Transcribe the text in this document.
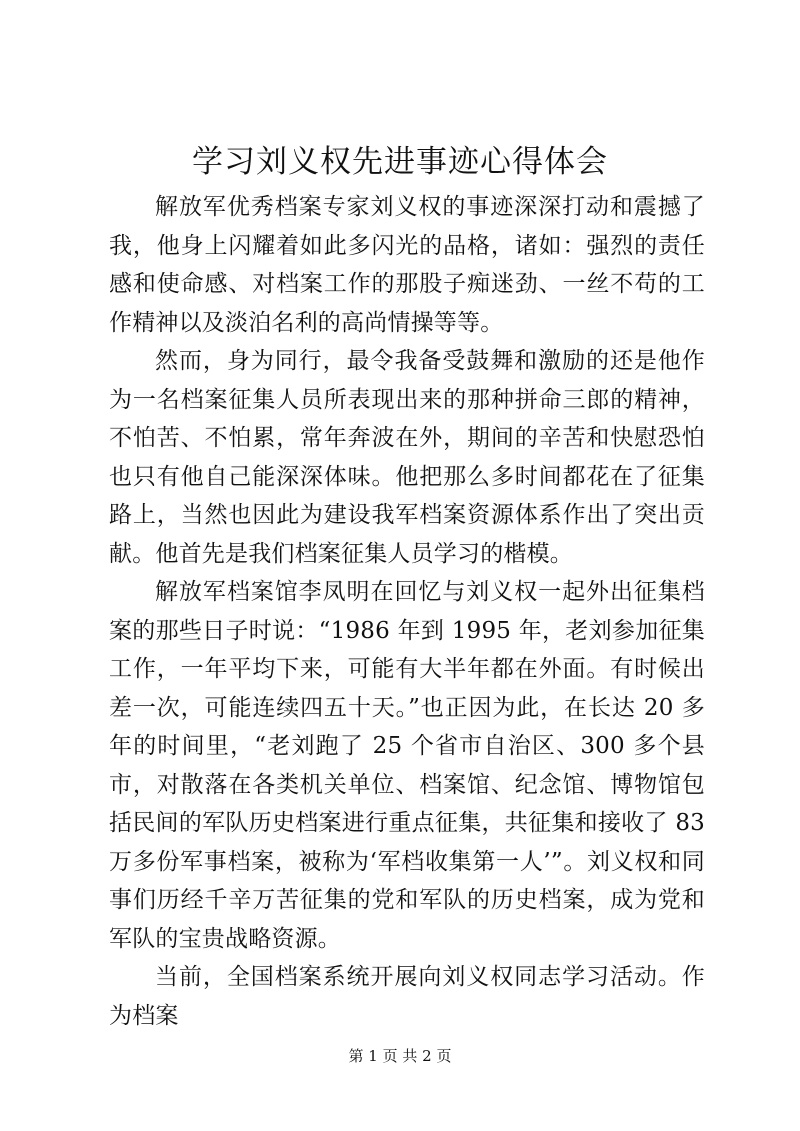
学习刘义权先进事迹心得体会

解放军优秀档案专家刘义权的事迹深深打动和震撼了我，他身上闪耀着如此多闪光的品格，诸如：强烈的责任感和使命感、对档案工作的那股子痴迷劲、一丝不苟的工作精神以及淡泊名利的高尚情操等等。

然而，身为同行，最令我备受鼓舞和激励的还是他作为一名档案征集人员所表现出来的那种拼命三郎的精神，不怕苦、不怕累，常年奔波在外，期间的辛苦和快慰恐怕也只有他自己能深深体味。他把那么多时间都花在了征集路上，当然也因此为建设我军档案资源体系作出了突出贡献。他首先是我们档案征集人员学习的楷模。

解放军档案馆李凤明在回忆与刘义权一起外出征集档案的那些日子时说：“1986 年到 1995 年，老刘参加征集工作，一年平均下来，可能有大半年都在外面。有时候出差一次，可能连续四五十天。”也正因为此，在长达 20 多年的时间里，“老刘跑了 25 个省市自治区、300 多个县市，对散落在各类机关单位、档案馆、纪念馆、博物馆包括民间的军队历史档案进行重点征集，共征集和接收了 83 万多份军事档案，被称为‘军档收集第一人’”。刘义权和同事们历经千辛万苦征集的党和军队的历史档案，成为党和军队的宝贵战略资源。

当前，全国档案系统开展向刘义权同志学习活动。作为档案

第 1 页 共 2 页
